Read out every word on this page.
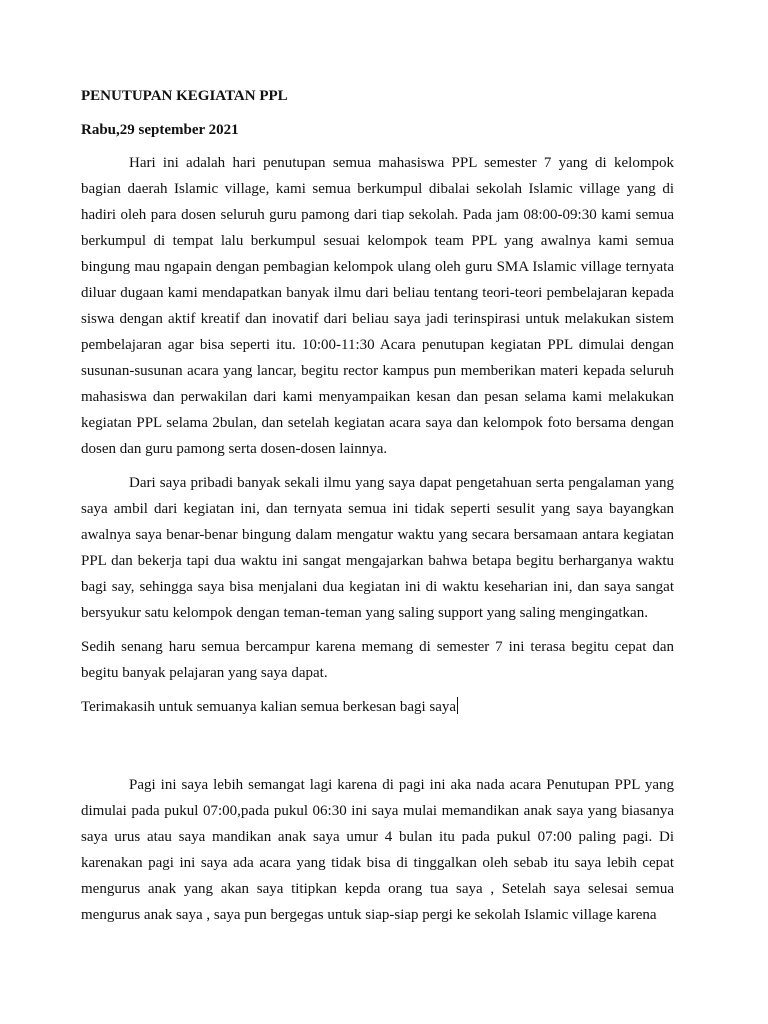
PENUTUPAN KEGIATAN PPL

Rabu,29 september 2021

Hari ini adalah hari penutupan semua mahasiswa PPL semester 7 yang di kelompok bagian daerah Islamic village, kami semua berkumpul dibalai sekolah Islamic village yang di hadiri oleh para dosen seluruh guru pamong dari tiap sekolah. Pada jam 08:00-09:30 kami semua berkumpul di tempat lalu berkumpul sesuai kelompok team PPL yang awalnya kami semua bingung mau ngapain dengan pembagian kelompok ulang oleh guru SMA Islamic village ternyata diluar dugaan kami mendapatkan banyak ilmu dari beliau tentang teori-teori pembelajaran kepada siswa dengan aktif kreatif dan inovatif dari beliau saya jadi terinspirasi untuk melakukan sistem pembelajaran agar bisa seperti itu. 10:00-11:30 Acara penutupan kegiatan PPL dimulai dengan susunan-susunan acara yang lancar, begitu rector kampus pun memberikan materi kepada seluruh mahasiswa dan perwakilan dari kami menyampaikan kesan dan pesan selama kami melakukan kegiatan PPL selama 2bulan, dan setelah kegiatan acara saya dan kelompok foto bersama dengan dosen dan guru pamong serta dosen-dosen lainnya.

Dari saya pribadi banyak sekali ilmu yang saya dapat pengetahuan serta pengalaman yang saya ambil dari kegiatan ini, dan ternyata semua ini tidak seperti sesulit yang saya bayangkan awalnya saya benar-benar bingung dalam mengatur waktu yang secara bersamaan antara kegiatan PPL dan bekerja tapi dua waktu ini sangat mengajarkan bahwa betapa begitu berharganya waktu bagi say, sehingga saya bisa menjalani dua kegiatan ini di waktu keseharian ini, dan saya sangat bersyukur satu kelompok dengan teman-teman yang saling support yang saling mengingatkan.

Sedih senang haru semua bercampur karena memang di semester 7 ini terasa begitu cepat dan begitu banyak pelajaran yang saya dapat.

Terimakasih untuk semuanya kalian semua berkesan bagi saya

Pagi ini saya lebih semangat lagi karena di pagi ini aka nada acara Penutupan PPL yang dimulai pada pukul 07:00,pada pukul 06:30 ini saya mulai memandikan anak saya yang biasanya saya urus atau saya mandikan anak saya umur 4 bulan itu pada pukul 07:00 paling pagi. Di karenakan pagi ini saya ada acara yang tidak bisa di tinggalkan oleh sebab itu saya lebih cepat mengurus anak yang akan saya titipkan kepda orang tua saya , Setelah saya selesai semua mengurus anak saya , saya pun bergegas untuk siap-siap pergi ke sekolah Islamic village karena
